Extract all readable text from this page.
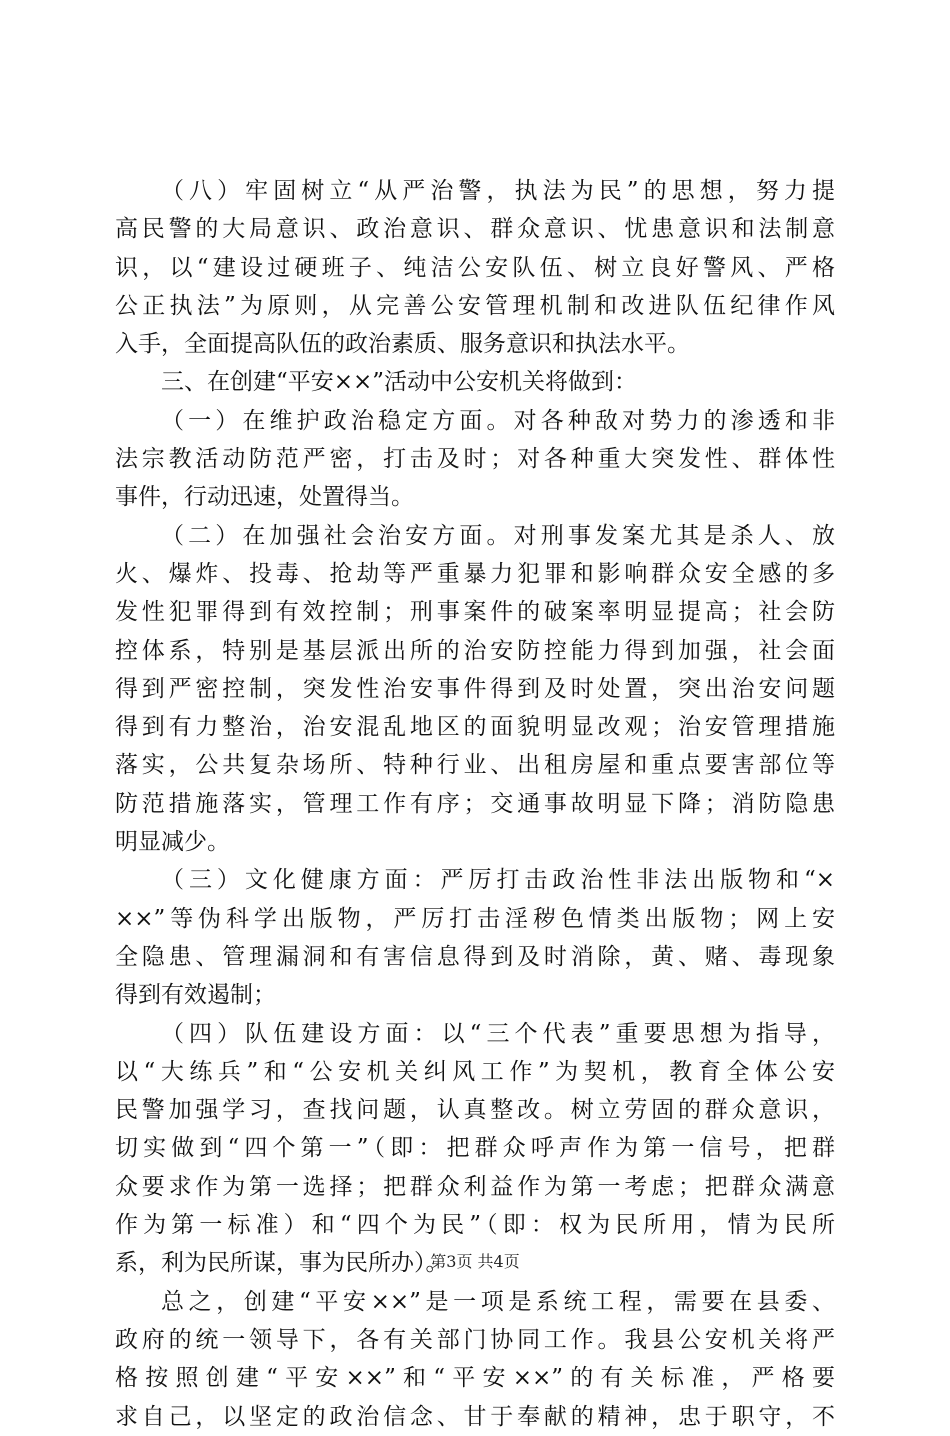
（八）牢固树立“从严治警，执法为民”的思想，努力提
高民警的大局意识、政治意识、群众意识、忧患意识和法制意
识，以“建设过硬班子、纯洁公安队伍、树立良好警风、严格
公正执法”为原则，从完善公安管理机制和改进队伍纪律作风
入手，全面提高队伍的政治素质、服务意识和执法水平。
三、在创建“平安××”活动中公安机关将做到：
（一）在维护政治稳定方面。对各种敌对势力的渗透和非
法宗教活动防范严密，打击及时；对各种重大突发性、群体性
事件，行动迅速，处置得当。
（二）在加强社会治安方面。对刑事发案尤其是杀人、放
火、爆炸、投毒、抢劫等严重暴力犯罪和影响群众安全感的多
发性犯罪得到有效控制；刑事案件的破案率明显提高；社会防
控体系，特别是基层派出所的治安防控能力得到加强，社会面
得到严密控制，突发性治安事件得到及时处置，突出治安问题
得到有力整治，治安混乱地区的面貌明显改观；治安管理措施
落实，公共复杂场所、特种行业、出租房屋和重点要害部位等
防范措施落实，管理工作有序；交通事故明显下降；消防隐患
明显减少。
（三）文化健康方面：严厉打击政治性非法出版物和“×
××”等伪科学出版物，严厉打击淫秽色情类出版物；网上安
全隐患、管理漏洞和有害信息得到及时消除，黄、赌、毒现象
得到有效遏制；
（四）队伍建设方面：以“三个代表”重要思想为指导，
以“大练兵”和“公安机关纠风工作”为契机，教育全体公安
民警加强学习，查找问题，认真整改。树立劳固的群众意识，
切实做到“四个第一”（即：把群众呼声作为第一信号，把群
众要求作为第一选择；把群众利益作为第一考虑；把群众满意
作为第一标准）和“四个为民”（即：权为民所用，情为民所
系，利为民所谋，事为民所办）。
总之，创建“平安××”是一项是系统工程，需要在县委、
政府的统一领导下，各有关部门协同工作。我县公安机关将严
格按照创建“平安××”和“平安××”的有关标准，严格要
求自己，以坚定的政治信念、甘于奉献的精神，忠于职守，不
第3页 共4页
